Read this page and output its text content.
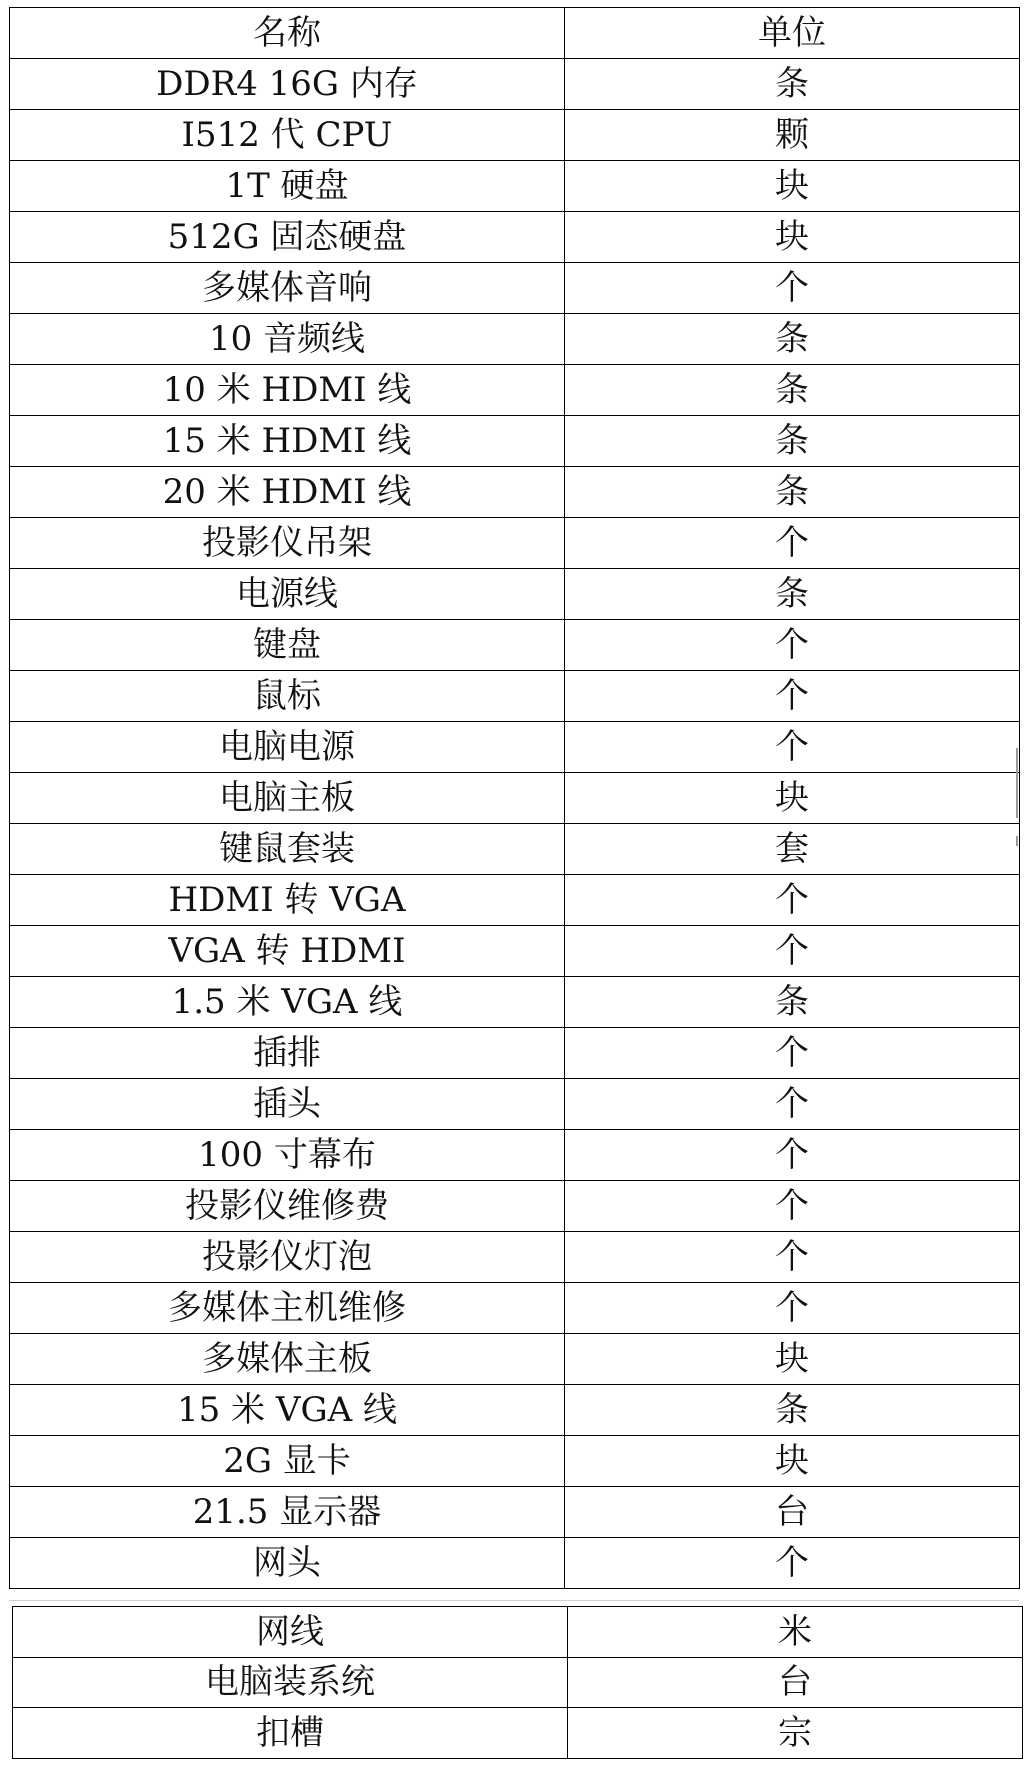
名称	单位
DDR4 16G 内存	条
I512 代 CPU	颗
1T 硬盘	块
512G 固态硬盘	块
多媒体音响	个
10 音频线	条
10 米 HDMI 线	条
15 米 HDMI 线	条
20 米 HDMI 线	条
投影仪吊架	个
电源线	条
键盘	个
鼠标	个
电脑电源	个
电脑主板	块
键鼠套装	套
HDMI 转 VGA	个
VGA 转 HDMI	个
1.5 米 VGA 线	条
插排	个
插头	个
100 寸幕布	个
投影仪维修费	个
投影仪灯泡	个
多媒体主机维修	个
多媒体主板	块
15 米 VGA 线	条
2G 显卡	块
21.5 显示器	台
网头	个
网线	米
电脑装系统	台
扣槽	宗
